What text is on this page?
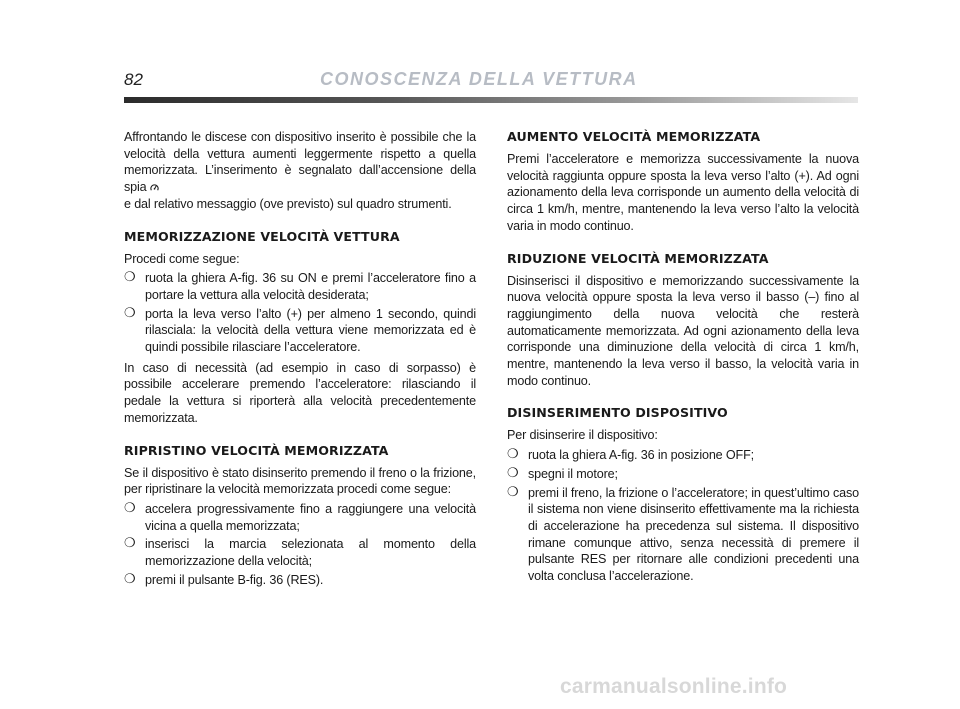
82	CONOSCENZA DELLA VETTURA

Affrontando le discese con dispositivo inserito è possibile che la velocità della vettura aumenti leggermente rispetto a quella memorizzata. L’inserimento è segnalato dall’accensione della spia
e dal relativo messaggio (ove previsto) sul quadro strumenti.

MEMORIZZAZIONE VELOCITÀ VETTURA

Procedi come segue:

❍ ruota la ghiera A-fig. 36 su ON e premi l’acceleratore fino a portare la vettura alla velocità desiderata;
❍ porta la leva verso l’alto (+) per almeno 1 secondo, quindi rilasciala: la velocità della vettura viene memorizzata ed è quindi possibile rilasciare l’acceleratore.

In caso di necessità (ad esempio in caso di sorpasso) è possibile accelerare premendo l’acceleratore: rilasciando il pedale la vettura si riporterà alla velocità precedentemente memorizzata.

RIPRISTINO VELOCITÀ MEMORIZZATA

Se il dispositivo è stato disinserito premendo il freno o la frizione, per ripristinare la velocità memorizzata procedi come segue:

❍ accelera progressivamente fino a raggiungere una velocità vicina a quella memorizzata;
❍ inserisci la marcia selezionata al momento della memorizzazione della velocità;
❍ premi il pulsante B-fig. 36 (RES).
AUMENTO VELOCITÀ MEMORIZZATA

Premi l’acceleratore e memorizza successivamente la nuova velocità raggiunta oppure sposta la leva verso l’alto (+). Ad ogni azionamento della leva corrisponde un aumento della velocità di circa 1 km/h, mentre, mantenendo la leva verso l’alto la velocità varia in modo continuo.

RIDUZIONE VELOCITÀ MEMORIZZATA

Disinserisci il dispositivo e memorizzando successivamente la nuova velocità oppure sposta la leva verso il basso (–) fino al raggiungimento della nuova velocità che resterà automaticamente memorizzata. Ad ogni azionamento della leva corrisponde una diminuzione della velocità di circa 1 km/h, mentre, mantenendo la leva verso il basso, la velocità varia in modo continuo.

DISINSERIMENTO DISPOSITIVO

Per disinserire il dispositivo:

❍ ruota la ghiera A-fig. 36 in posizione OFF;
❍ spegni il motore;
❍ premi il freno, la frizione o l’acceleratore; in quest’ultimo caso il sistema non viene disinserito effettivamente ma la richiesta di accelerazione ha precedenza sul sistema. Il dispositivo rimane comunque attivo, senza necessità di premere il pulsante RES per ritornare alle condizioni precedenti una volta conclusa l’accelerazione.

carmanualsonline.info
